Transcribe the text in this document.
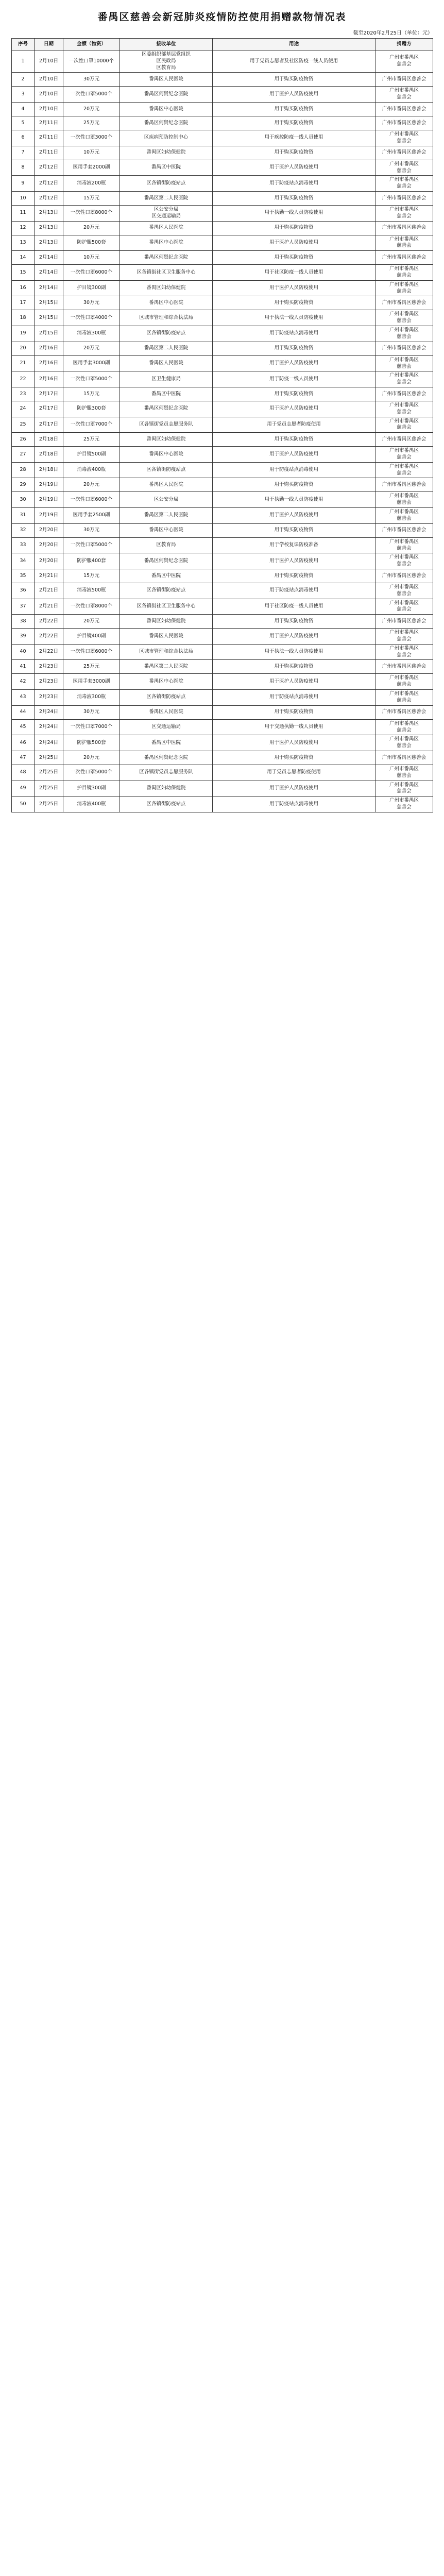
番禺区慈善会新冠肺炎疫情防控使用捐赠款物情况表
截至2020年2月25日（单位：元）
序号	日期	金额（物资）	接收单位	用途	捐赠方
1	2月10日	一次性口罩10000个	区委组织部基层党组织
区民政局
区教育局	用于党员志愿者及社区防疫一线人员使用	广州市番禺区
慈善会
2	2月10日	30万元	番禺区人民医院	用于购买防疫物资	广州市番禺区慈善会
3	2月10日	一次性口罩5000个	番禺区何贤纪念医院	用于医护人员防疫使用	广州市番禺区
慈善会
4	2月10日	20万元	番禺区中心医院	用于购买防疫物资	广州市番禺区慈善会
5	2月11日	25万元	番禺区何贤纪念医院	用于购买防疫物资	广州市番禺区慈善会
6	2月11日	一次性口罩3000个	区疾病预防控制中心	用于疾控防疫一线人员使用	广州市番禺区
慈善会
7	2月11日	10万元	番禺区妇幼保健院	用于购买防疫物资	广州市番禺区慈善会
8	2月12日	医用手套2000副	番禺区中医院	用于医护人员防疫使用	广州市番禺区
慈善会
9	2月12日	消毒液200瓶	区各镇街防疫站点	用于防疫站点消毒使用	广州市番禺区
慈善会
10	2月12日	15万元	番禺区第二人民医院	用于购买防疫物资	广州市番禺区慈善会
11	2月13日	一次性口罩8000个	区公安分局
区交通运输局	用于执勤一线人员防疫使用	广州市番禺区
慈善会
12	2月13日	20万元	番禺区人民医院	用于购买防疫物资	广州市番禺区慈善会
13	2月13日	防护服500套	番禺区中心医院	用于医护人员防疫使用	广州市番禺区
慈善会
14	2月14日	10万元	番禺区何贤纪念医院	用于购买防疫物资	广州市番禺区慈善会
15	2月14日	一次性口罩6000个	区各镇街社区卫生服务中心	用于社区防疫一线人员使用	广州市番禺区
慈善会
16	2月14日	护目镜300副	番禺区妇幼保健院	用于医护人员防疫使用	广州市番禺区
慈善会
17	2月15日	30万元	番禺区中心医院	用于购买防疫物资	广州市番禺区慈善会
18	2月15日	一次性口罩4000个	区城市管理和综合执法局	用于执法一线人员防疫使用	广州市番禺区
慈善会
19	2月15日	消毒液300瓶	区各镇街防疫站点	用于防疫站点消毒使用	广州市番禺区
慈善会
20	2月16日	20万元	番禺区第二人民医院	用于购买防疫物资	广州市番禺区慈善会
21	2月16日	医用手套3000副	番禺区人民医院	用于医护人员防疫使用	广州市番禺区
慈善会
22	2月16日	一次性口罩5000个	区卫生健康局	用于防疫一线人员使用	广州市番禺区
慈善会
23	2月17日	15万元	番禺区中医院	用于购买防疫物资	广州市番禺区慈善会
24	2月17日	防护服300套	番禺区何贤纪念医院	用于医护人员防疫使用	广州市番禺区
慈善会
25	2月17日	一次性口罩7000个	区各镇街党员志愿服务队	用于党员志愿者防疫使用	广州市番禺区
慈善会
26	2月18日	25万元	番禺区妇幼保健院	用于购买防疫物资	广州市番禺区慈善会
27	2月18日	护目镜500副	番禺区中心医院	用于医护人员防疫使用	广州市番禺区
慈善会
28	2月18日	消毒液400瓶	区各镇街防疫站点	用于防疫站点消毒使用	广州市番禺区
慈善会
29	2月19日	20万元	番禺区人民医院	用于购买防疫物资	广州市番禺区慈善会
30	2月19日	一次性口罩6000个	区公安分局	用于执勤一线人员防疫使用	广州市番禺区
慈善会
31	2月19日	医用手套2500副	番禺区第二人民医院	用于医护人员防疫使用	广州市番禺区
慈善会
32	2月20日	30万元	番禺区中心医院	用于购买防疫物资	广州市番禺区慈善会
33	2月20日	一次性口罩5000个	区教育局	用于学校复课防疫准备	广州市番禺区
慈善会
34	2月20日	防护服400套	番禺区何贤纪念医院	用于医护人员防疫使用	广州市番禺区
慈善会
35	2月21日	15万元	番禺区中医院	用于购买防疫物资	广州市番禺区慈善会
36	2月21日	消毒液500瓶	区各镇街防疫站点	用于防疫站点消毒使用	广州市番禺区
慈善会
37	2月21日	一次性口罩8000个	区各镇街社区卫生服务中心	用于社区防疫一线人员使用	广州市番禺区
慈善会
38	2月22日	20万元	番禺区妇幼保健院	用于购买防疫物资	广州市番禺区慈善会
39	2月22日	护目镜400副	番禺区人民医院	用于医护人员防疫使用	广州市番禺区
慈善会
40	2月22日	一次性口罩6000个	区城市管理和综合执法局	用于执法一线人员防疫使用	广州市番禺区
慈善会
41	2月23日	25万元	番禺区第二人民医院	用于购买防疫物资	广州市番禺区慈善会
42	2月23日	医用手套3000副	番禺区中心医院	用于医护人员防疫使用	广州市番禺区
慈善会
43	2月23日	消毒液300瓶	区各镇街防疫站点	用于防疫站点消毒使用	广州市番禺区
慈善会
44	2月24日	30万元	番禺区人民医院	用于购买防疫物资	广州市番禺区慈善会
45	2月24日	一次性口罩7000个	区交通运输局	用于交通执勤一线人员使用	广州市番禺区
慈善会
46	2月24日	防护服500套	番禺区中医院	用于医护人员防疫使用	广州市番禺区
慈善会
47	2月25日	20万元	番禺区何贤纪念医院	用于购买防疫物资	广州市番禺区慈善会
48	2月25日	一次性口罩5000个	区各镇街党员志愿服务队	用于党员志愿者防疫使用	广州市番禺区
慈善会
49	2月25日	护目镜300副	番禺区妇幼保健院	用于医护人员防疫使用	广州市番禺区
慈善会
50	2月25日	消毒液400瓶	区各镇街防疫站点	用于防疫站点消毒使用	广州市番禺区
慈善会
